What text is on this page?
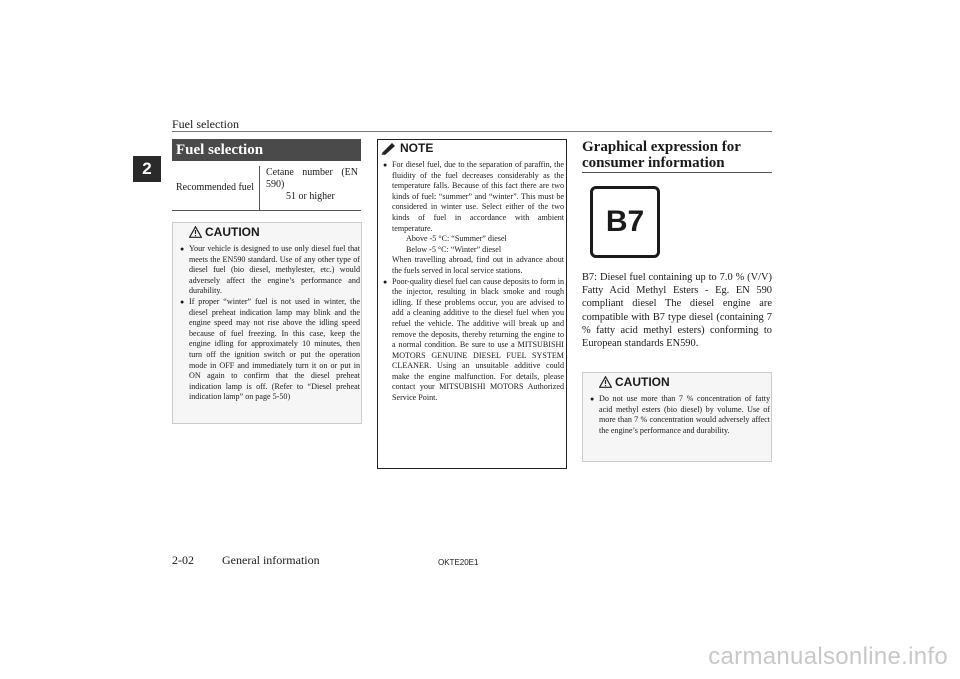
Fuel selection
2
Fuel selection
Recommended fuel
Cetane number (EN
590)
51 or higher
CAUTION
● Your vehicle is designed to use only diesel fuel that meets the EN590 standard. Use of any other type of diesel fuel (bio diesel, methylester, etc.) would adversely affect the engine’s performance and durability.
● If proper “winter” fuel is not used in winter, the diesel preheat indication lamp may blink and the engine speed may not rise above the idling speed because of fuel freezing. In this case, keep the engine idling for approximately 10 minutes, then turn off the ignition switch or put the operation mode in OFF and immediately turn it on or put in ON again to confirm that the diesel preheat indication lamp is off. (Refer to “Diesel preheat indication lamp” on page 5-50)
NOTE
● For diesel fuel, due to the separation of paraffin, the fluidity of the fuel decreases considerably as the temperature falls. Because of this fact there are two kinds of fuel: “summer” and “winter”. This must be considered in winter use. Select either of the two kinds of fuel in accordance with ambient temperature.
Above -5 °C: “Summer” diesel
Below -5 °C: “Winter” diesel
When travelling abroad, find out in advance about the fuels served in local service stations.
● Poor-quality diesel fuel can cause deposits to form in the injector, resulting in black smoke and rough idling. If these problems occur, you are advised to add a cleaning additive to the diesel fuel when you refuel the vehicle. The additive will break up and remove the deposits, thereby returning the engine to a normal condition. Be sure to use a MITSUBISHI MOTORS GENUINE DIESEL FUEL SYSTEM CLEANER. Using an unsuitable additive could make the engine malfunction. For details, please contact your MITSUBISHI MOTORS Authorized Service Point.
Graphical expression for consumer information
B7
B7: Diesel fuel containing up to 7.0 % (V/V) Fatty Acid Methyl Esters - Eg. EN 590 compliant diesel The diesel engine are compatible with B7 type diesel (containing 7 % fatty acid methyl esters) conforming to European standards EN590.
CAUTION
● Do not use more than 7 % concentration of fatty acid methyl esters (bio diesel) by volume. Use of more than 7 % concentration would adversely affect the engine’s performance and durability.
2-02 General information	OKTE20E1
carmanualsonline.info
